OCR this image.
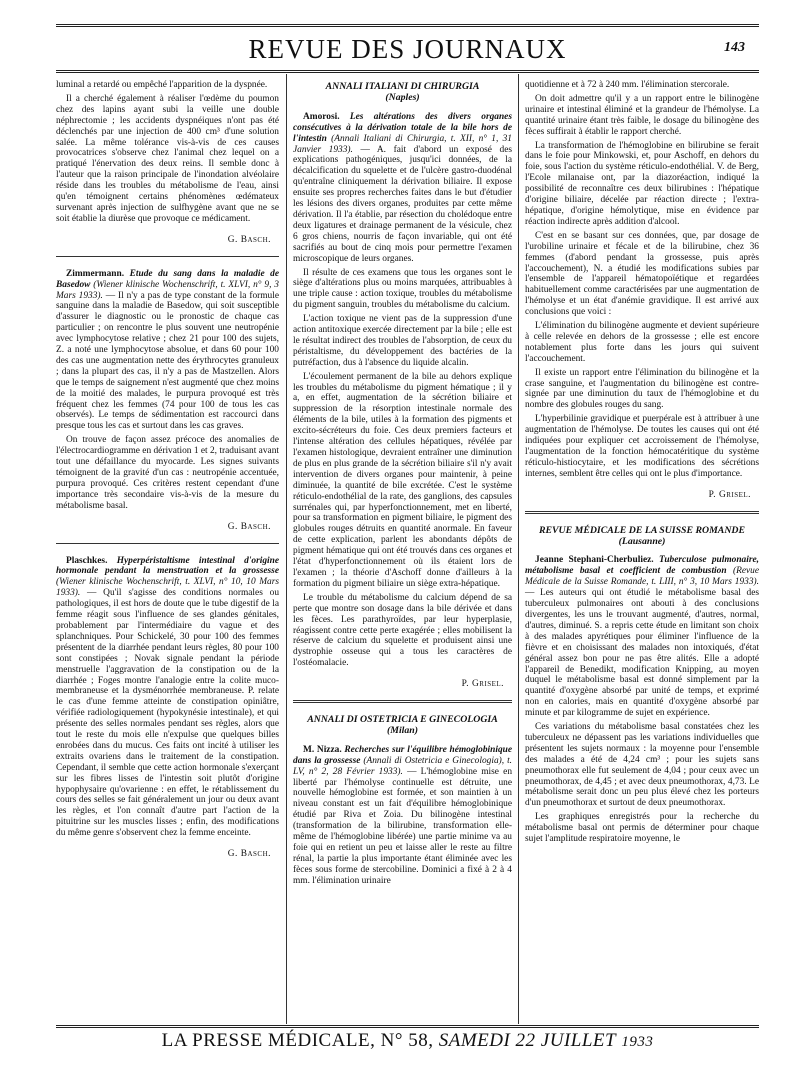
REVUE DES JOURNAUX	143

luminal a retardé ou empêché l'apparition de la dyspnée.

Il a cherché également à réaliser l'œdème du poumon chez des lapins ayant subi la veille une double néphrectomie ; les accidents dyspnéiques n'ont pas été déclenchés par une injection de 400 cm³ d'une solution salée. La même tolérance vis-à-vis de ces causes provocatrices s'observe chez l'animal chez lequel on a pratiqué l'énervation des deux reins. Il semble donc à l'auteur que la raison principale de l'inondation alvéolaire réside dans les troubles du métabolisme de l'eau, ainsi qu'en témoignent certains phénomènes œdémateux survenant après injection de sulfhygène avant que ne se soit établie la diurèse que provoque ce médicament.

G. Basch.

Zimmermann. Etude du sang dans la maladie de Basedow (Wiener klinische Wochenschrift, t. XLVI, n° 9, 3 Mars 1933). — Il n'y a pas de type constant de la formule sanguine dans la maladie de Basedow, qui soit susceptible d'assurer le diagnostic ou le pronostic de chaque cas particulier ; on rencontre le plus souvent une neutropénie avec lymphocytose relative ; chez 21 pour 100 des sujets, Z. a noté une lymphocytose absolue, et dans 60 pour 100 des cas une augmentation nette des érythrocytes granuleux ; dans la plupart des cas, il n'y a pas de Mastzellen. Alors que le temps de saignement n'est augmenté que chez moins de la moitié des malades, le purpura provoqué est très fréquent chez les femmes (74 pour 100 de tous les cas observés). Le temps de sédimentation est raccourci dans presque tous les cas et surtout dans les cas graves.

On trouve de façon assez précoce des anomalies de l'électrocardiogramme en dérivation 1 et 2, traduisant avant tout une défaillance du myocarde. Les signes suivants témoignent de la gravité d'un cas : neutropénie accentuée, purpura provoqué. Ces critères restent cependant d'une importance très secondaire vis-à-vis de la mesure du métabolisme basal.

G. Basch.

Plaschkes. Hyperpéristaltisme intestinal d'origine hormonale pendant la menstruation et la grossesse (Wiener klinische Wochenschrift, t. XLVI, n° 10, 10 Mars 1933). — Qu'il s'agisse des conditions normales ou pathologiques, il est hors de doute que le tube digestif de la femme réagit sous l'influence de ses glandes génitales, probablement par l'intermédiaire du vague et des splanchniques. Pour Schickelé, 30 pour 100 des femmes présentent de la diarrhée pendant leurs règles, 80 pour 100 sont constipées ; Novak signale pendant la période menstruelle l'aggravation de la constipation ou de la diarrhée ; Foges montre l'analogie entre la colite muco-membraneuse et la dysménorrhée membraneuse. P. relate le cas d'une femme atteinte de constipation opiniâtre, vérifiée radiologiquement (hypokynésie intestinale), et qui présente des selles normales pendant ses règles, alors que tout le reste du mois elle n'expulse que quelques billes enrobées dans du mucus. Ces faits ont incité à utiliser les extraits ovariens dans le traitement de la constipation. Cependant, il semble que cette action hormonale s'exerçant sur les fibres lisses de l'intestin soit plutôt d'origine hypophysaire qu'ovarienne : en effet, le rétablissement du cours des selles se fait généralement un jour ou deux avant les règles, et l'on connaît d'autre part l'action de la pituitrine sur les muscles lisses ; enfin, des modifications du même genre s'observent chez la femme enceinte.

G. Basch.
ANNALI ITALIANI DI CHIRURGIA
(Naples)

Amorosi. Les altérations des divers organes consécutives à la dérivation totale de la bile hors de l'intestin (Annali Italiani di Chirurgia, t. XII, n° 1, 31 Janvier 1933). — A. fait d'abord un exposé des explications pathogéniques, jusqu'ici données, de la décalcification du squelette et de l'ulcère gastro-duodénal qu'entraîne cliniquement la dérivation biliaire. Il expose ensuite ses propres recherches faites dans le but d'étudier les lésions des divers organes, produites par cette même dérivation. Il l'a établie, par résection du cholédoque entre deux ligatures et drainage permanent de la vésicule, chez 6 gros chiens, nourris de façon invariable, qui ont été sacrifiés au bout de cinq mois pour permettre l'examen microscopique de leurs organes.

Il résulte de ces examens que tous les organes sont le siège d'altérations plus ou moins marquées, attribuables à une triple cause : action toxique, troubles du métabolisme du pigment sanguin, troubles du métabolisme du calcium.

L'action toxique ne vient pas de la suppression d'une action antitoxique exercée directement par la bile ; elle est le résultat indirect des troubles de l'absorption, de ceux du péristaltisme, du développement des bactéries de la putréfaction, dus à l'absence du liquide alcalin.

L'écoulement permanent de la bile au dehors explique les troubles du métabolisme du pigment hématique ; il y a, en effet, augmentation de la sécrétion biliaire et suppression de la résorption intestinale normale des éléments de la bile, utiles à la formation des pigments et excito-sécréteurs du foie. Ces deux premiers facteurs et l'intense altération des cellules hépatiques, révélée par l'examen histologique, devraient entraîner une diminution de plus en plus grande de la sécrétion biliaire s'il n'y avait intervention de divers organes pour maintenir, à peine diminuée, la quantité de bile excrétée. C'est le système réticulo-endothélial de la rate, des ganglions, des capsules surrénales qui, par hyperfonctionnement, met en liberté, pour sa transformation en pigment biliaire, le pigment des globules rouges détruits en quantité anormale. En faveur de cette explication, parlent les abondants dépôts de pigment hématique qui ont été trouvés dans ces organes et l'état d'hyperfonctionnement où ils étaient lors de l'examen ; la théorie d'Aschoff donne d'ailleurs à la formation du pigment biliaire un siège extra-hépatique.

Le trouble du métabolisme du calcium dépend de sa perte que montre son dosage dans la bile dérivée et dans les fèces. Les parathyroïdes, par leur hyperplasie, réagissent contre cette perte exagérée ; elles mobilisent la réserve de calcium du squelette et produisent ainsi une dystrophie osseuse qui a tous les caractères de l'ostéomalacie.

P. Grisel.
ANNALI DI OSTETRICIA E GINECOLOGIA
(Milan)

M. Nizza. Recherches sur l'équilibre hémoglobinique dans la grossesse (Annali di Ostetricia e Ginecologia), t. LV, n° 2, 28 Février 1933). — L'hémoglobine mise en liberté par l'hémolyse continuelle est détruite, une nouvelle hémoglobine est formée, et son maintien à un niveau constant est un fait d'équilibre hémoglobinique étudié par Riva et Zoia. Du bilinogène intestinal (transformation de la bilirubine, transformation elle-même de l'hémoglobine libérée) une partie minime va au foie qui en retient un peu et laisse aller le reste au filtre rénal, la partie la plus importante étant éliminée avec les fèces sous forme de stercobiline. Dominici a fixé à 2 à 4 mm. l'élimination urinaire

quotidienne et à 72 à 240 mm. l'élimination stercorale.

On doit admettre qu'il y a un rapport entre le bilinogène urinaire et intestinal éliminé et la grandeur de l'hémolyse. La quantité urinaire étant très faible, le dosage du bilinogène des fèces suffirait à établir le rapport cherché.

La transformation de l'hémoglobine en bilirubine se ferait dans le foie pour Minkowski, et, pour Aschoff, en dehors du foie, sous l'action du système réticulo-endothélial. V. de Berg, l'Ecole milanaise ont, par la diazoréaction, indiqué la possibilité de reconnaître ces deux bilirubines : l'hépatique d'origine biliaire, décelée par réaction directe ; l'extra-hépatique, d'origine hémolytique, mise en évidence par réaction indirecte après addition d'alcool.

C'est en se basant sur ces données, que, par dosage de l'urobiline urinaire et fécale et de la bilirubine, chez 36 femmes (d'abord pendant la grossesse, puis après l'accouchement), N. a étudié les modifications subies par l'ensemble de l'appareil hématopoïétique et regardées habituellement comme caractérisées par une augmentation de l'hémolyse et un état d'anémie gravidique. Il est arrivé aux conclusions que voici :

L'élimination du bilinogène augmente et devient supérieure à celle relevée en dehors de la grossesse ; elle est encore notablement plus forte dans les jours qui suivent l'accouchement.

Il existe un rapport entre l'élimination du bilinogène et la crase sanguine, et l'augmentation du bilinogène est contre-signée par une diminution du taux de l'hémoglobine et du nombre des globules rouges du sang.

L'hyperbilinie gravidique et puerpérale est à attribuer à une augmentation de l'hémolyse. De toutes les causes qui ont été indiquées pour expliquer cet accroissement de l'hémolyse, l'augmentation de la fonction hémocatéritique du système réticulo-histiocytaire, et les modifications des sécrétions internes, semblent être celles qui ont le plus d'importance.

P. Grisel.
REVUE MÉDICALE DE LA SUISSE ROMANDE
(Lausanne)

Jeanne Stephani-Cherbuliez. Tuberculose pulmonaire, métabolisme basal et coefficient de combustion (Revue Médicale de la Suisse Romande, t. LIII, n° 3, 10 Mars 1933). — Les auteurs qui ont étudié le métabolisme basal des tuberculeux pulmonaires ont abouti à des conclusions divergentes, les uns le trouvant augmenté, d'autres, normal, d'autres, diminué. S. a repris cette étude en limitant son choix à des malades apyrétiques pour éliminer l'influence de la fièvre et en choisissant des malades non intoxiqués, d'état général assez bon pour ne pas être alités. Elle a adopté l'appareil de Benedikt, modification Knipping, au moyen duquel le métabolisme basal est donné simplement par la quantité d'oxygène absorbé par unité de temps, et exprimé non en calories, mais en quantité d'oxygène absorbé par minute et par kilogramme de sujet en expérience.

Ces variations du métabolisme basal constatées chez les tuberculeux ne dépassent pas les variations individuelles que présentent les sujets normaux : la moyenne pour l'ensemble des malades a été de 4,24 cm³ ; pour les sujets sans pneumothorax elle fut seulement de 4,04 ; pour ceux avec un pneumothorax, de 4,45 ; et avec deux pneumothorax, 4,73. Le métabolisme serait donc un peu plus élevé chez les porteurs d'un pneumothorax et surtout de deux pneumothorax.

Les graphiques enregistrés pour la recherche du métabolisme basal ont permis de déterminer pour chaque sujet l'amplitude respiratoire moyenne, le

LA PRESSE MÉDICALE, N° 58, SAMEDI 22 JUILLET 1933
